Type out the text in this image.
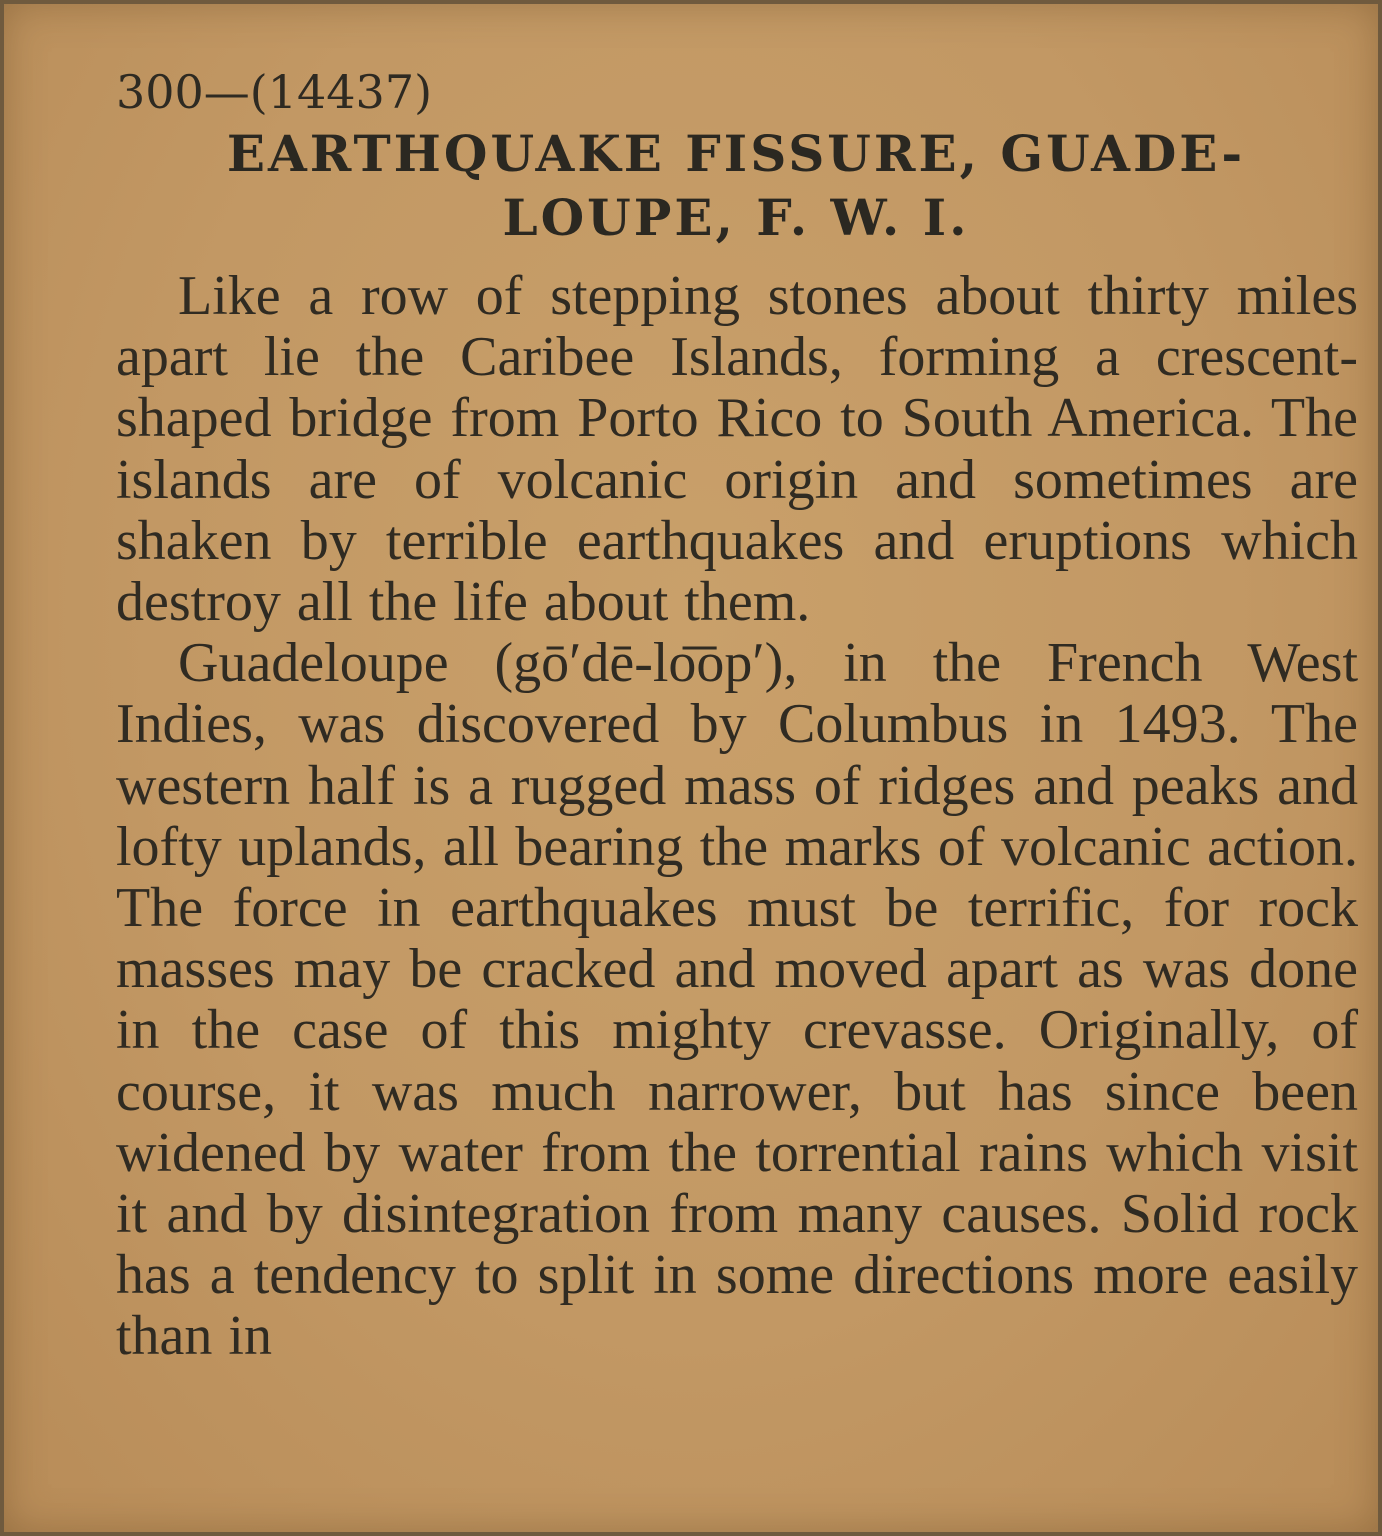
300—(14437)

EARTHQUAKE FISSURE, GUADE-
LOUPE, F. W. I.

Like a row of stepping stones about thirty miles apart lie the Caribee Islands, forming a crescent-shaped bridge from Porto Rico to South America. The islands are of volcanic origin and sometimes are shaken by terrible earthquakes and eruptions which destroy all the life about them.

Guadeloupe (gō′dē-lo͞op′), in the French West Indies, was discovered by Columbus in 1493. The western half is a rugged mass of ridges and peaks and lofty uplands, all bearing the marks of volcanic action. The force in earthquakes must be terrific, for rock masses may be cracked and moved apart as was done in the case of this mighty crevasse. Originally, of course, it was much narrower, but has since been widened by water from the torrential rains which visit it and by disintegration from many causes. Solid rock has a tendency to split in some directions more easily than in
